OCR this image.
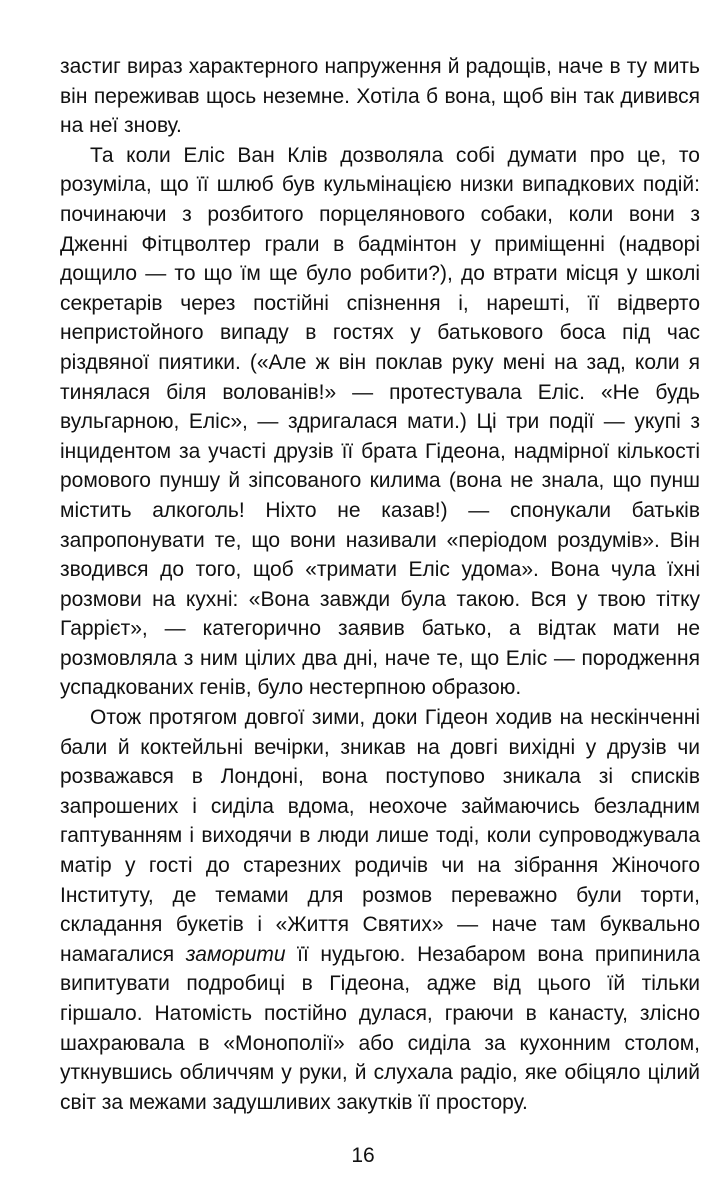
застиг вираз характерного напруження й радощів, наче в ту мить він переживав щось неземне. Хотіла б вона, щоб він так дивився на неї знову.

Та коли Еліс Ван Клів дозволяла собі думати про це, то розуміла, що її шлюб був кульмінацією низки випадкових подій: починаючи з розбитого порцелянового собаки, коли вони з Дженні Фітцволтер грали в бадмінтон у приміщенні (надворі дощило — то що їм ще було робити?), до втрати місця у школі секретарів через постійні спізнення і, нарешті, її відверто непристойного випаду в гостях у батькового боса під час різдвяної пиятики. («Але ж він поклав руку мені на зад, коли я тинялася біля волованів!» — протестувала Еліс. «Не будь вульгарною, Еліс», — здригалася мати.) Ці три події — укупі з інцидентом за участі друзів її брата Гідеона, надмірної кількості ромового пуншу й зіпсованого килима (вона не знала, що пунш містить алкоголь! Ніхто не казав!) — спонукали батьків запропонувати те, що вони називали «періодом роздумів». Він зводився до того, щоб «тримати Еліс удома». Вона чула їхні розмови на кухні: «Вона завжди була такою. Вся у твою тітку Гаррієт», — категорично заявив батько, а відтак мати не розмовляла з ним цілих два дні, наче те, що Еліс — породження успадкованих генів, було нестерпною образою.

Отож протягом довгої зими, доки Гідеон ходив на нескінченні бали й коктейльні вечірки, зникав на довгі вихідні у друзів чи розважався в Лондоні, вона поступово зникала зі списків запрошених і сиділа вдома, неохоче займаючись безладним гаптуванням і виходячи в люди лише тоді, коли супроводжувала матір у гості до старезних родичів чи на зібрання Жіночого Інституту, де темами для розмов переважно були торти, складання букетів і «Життя Святих» — наче там буквально намагалися заморити її нудьгою. Незабаром вона припинила випитувати подробиці в Гідеона, адже від цього їй тільки гіршало. Натомість постійно дулася, граючи в канасту, злісно шахраювала в «Монополії» або сиділа за кухонним столом, уткнувшись обличчям у руки, й слухала радіо, яке обіцяло цілий світ за межами задушливих закутків її простору.

16
